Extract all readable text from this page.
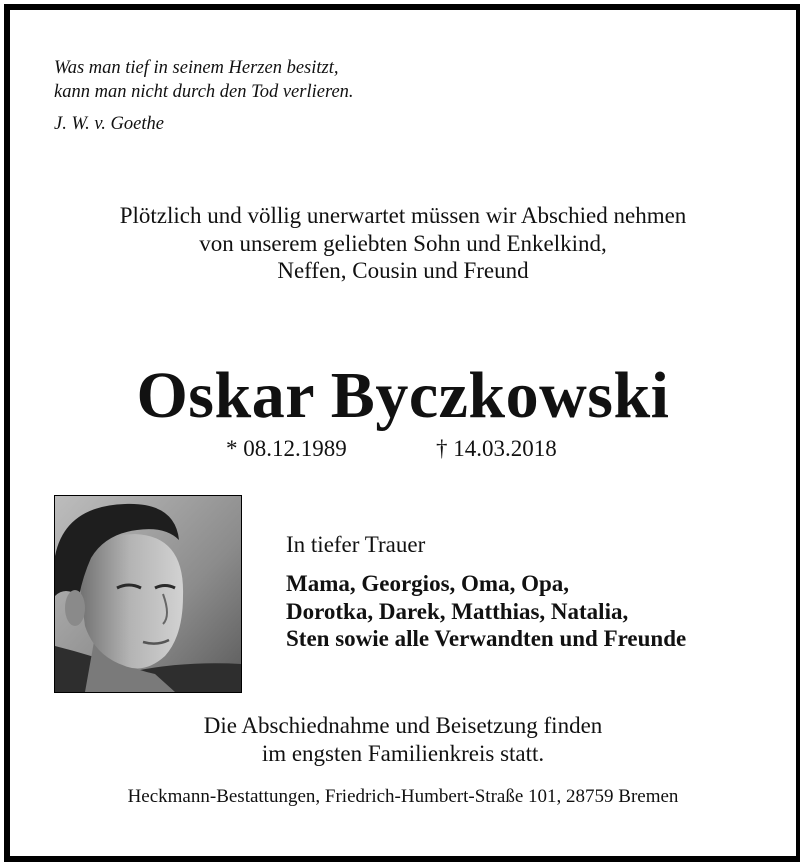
Was man tief in seinem Herzen besitzt,
kann man nicht durch den Tod verlieren.
J. W. v. Goethe
Plötzlich und völlig unerwartet müssen wir Abschied nehmen
von unserem geliebten Sohn und Enkelkind,
Neffen, Cousin und Freund
Oskar Byczkowski
* 08.12.1989	† 14.03.2018
In tiefer Trauer
Mama, Georgios, Oma, Opa,
Dorotka, Darek, Matthias, Natalia,
Sten sowie alle Verwandten und Freunde
Die Abschiednahme und Beisetzung finden
im engsten Familienkreis statt.
Heckmann-Bestattungen, Friedrich-Humbert-Straße 101, 28759 Bremen
